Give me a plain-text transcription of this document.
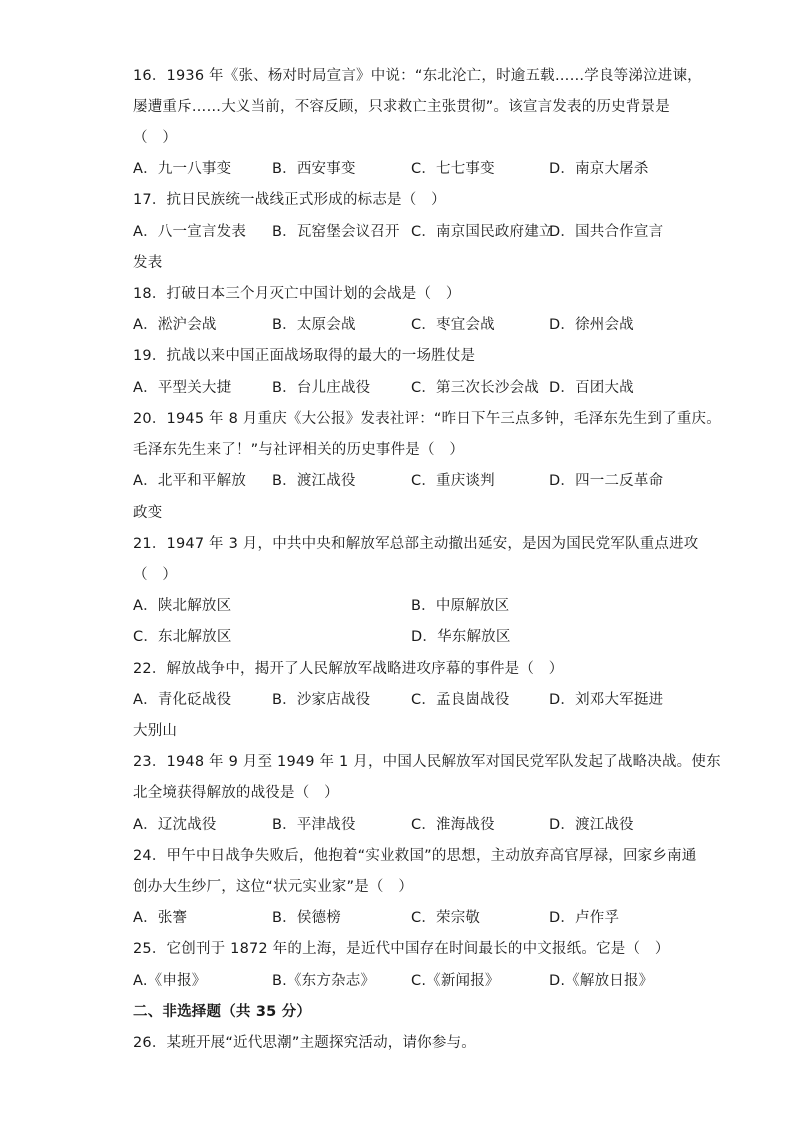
16．1936 年《张、杨对时局宣言》中说：“东北沦亡，时逾五载……学良等涕泣进谏，
屡遭重斥……大义当前，不容反顾，只求救亡主张贯彻”。该宣言发表的历史背景是
（　）
A．九一八事变	B．西安事变	C．七七事变	D．南京大屠杀
17．抗日民族统一战线正式形成的标志是（　）
A．八一宣言发表 B．瓦窑堡会议召开 C．南京国民政府建立
D．国共合作宣言
发表
18．打破日本三个月灭亡中国计划的会战是（　）
A．淞沪会战	B．太原会战	C．枣宜会战	D．徐州会战
19．抗战以来中国正面战场取得的最大的一场胜仗是
A．平型关大捷	B．台儿庄战役	C．第三次长沙会战 D．百团大战
20．1945 年 8 月重庆《大公报》发表社评：“昨日下午三点多钟，毛泽东先生到了重庆。
毛泽东先生来了！”与社评相关的历史事件是（　）
A．北平和平解放 B．渡江战役	C．重庆谈判	D．四一二反革命
政变
21．1947 年 3 月，中共中央和解放军总部主动撤出延安，是因为国民党军队重点进攻
（　）
A．陕北解放区	B．中原解放区
C．东北解放区	D．华东解放区
22．解放战争中，揭开了人民解放军战略进攻序幕的事件是（　）
A．青化砭战役	B．沙家店战役	C．孟良崮战役	D．刘邓大军挺进
大别山
23．1948 年 9 月至 1949 年 1 月，中国人民解放军对国民党军队发起了战略决战。使东
北全境获得解放的战役是（　）
A．辽沈战役	B．平津战役	C．淮海战役	D．渡江战役
24．甲午中日战争失败后，他抱着“实业救国”的思想，主动放弃高官厚禄，回家乡南通
创办大生纱厂，这位“状元实业家”是（　）
A．张謇	B．侯德榜	C．荣宗敬	D．卢作孚
25．它创刊于 1872 年的上海，是近代中国存在时间最长的中文报纸。它是（　）
A.《申报》	B.《东方杂志》 C.《新闻报》	D.《解放日报》
二、非选择题（共 35 分）
26．某班开展“近代思潮”主题探究活动，请你参与。
